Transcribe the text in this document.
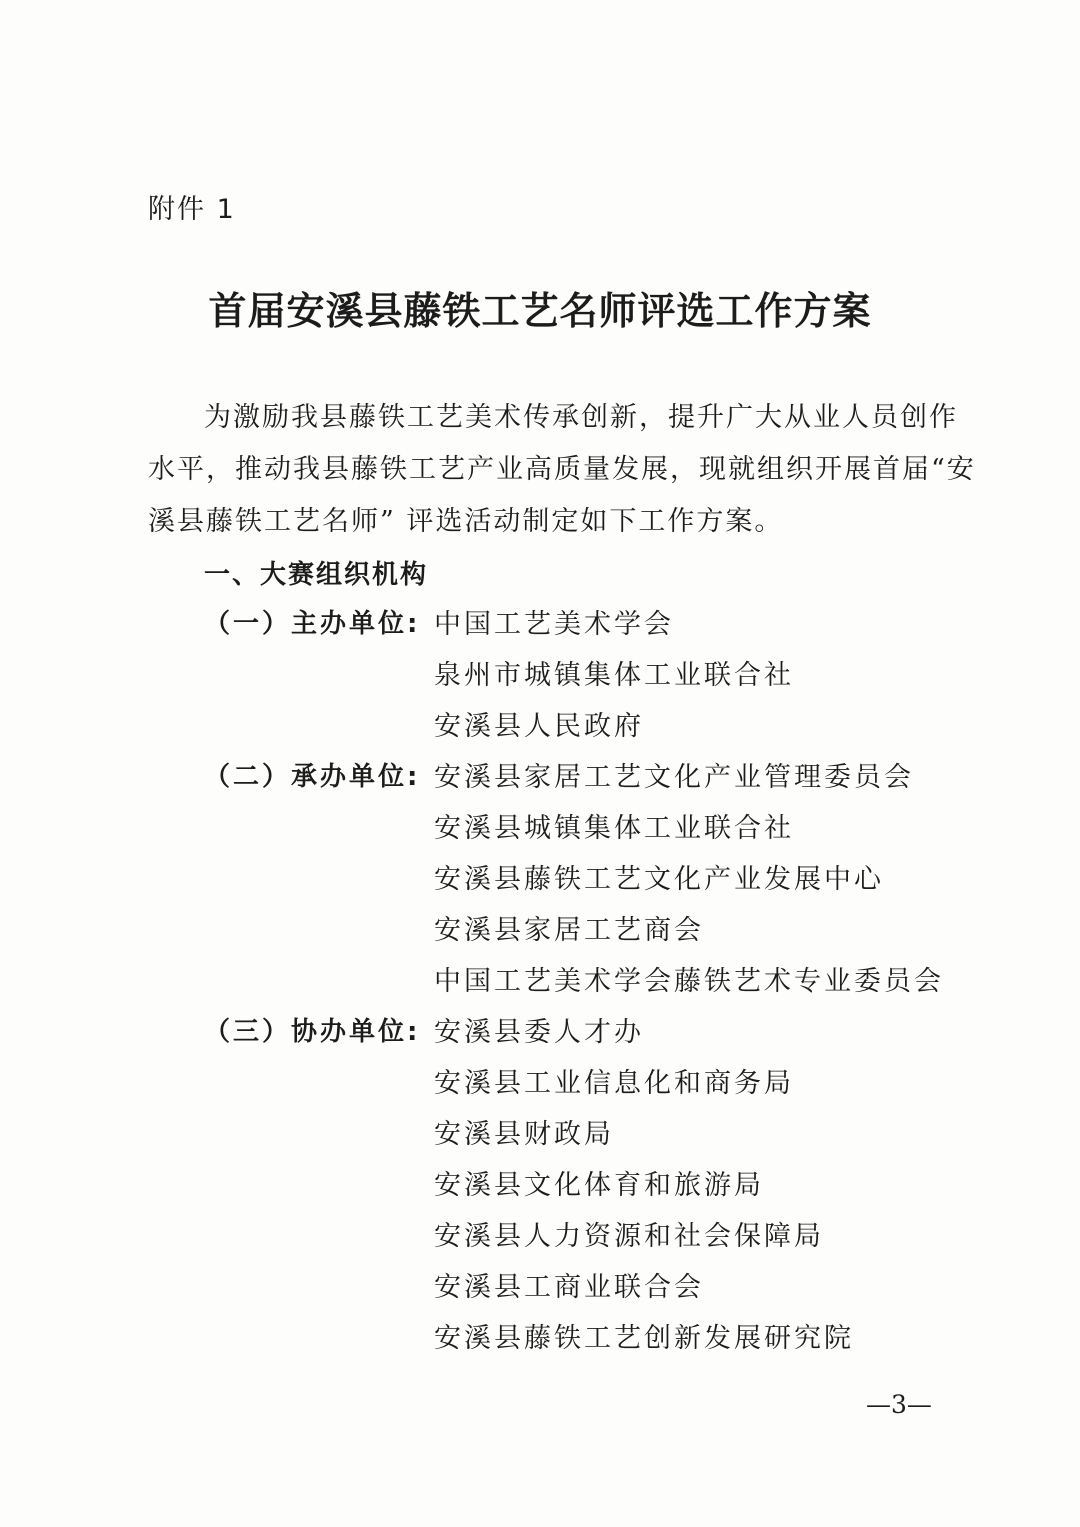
附件 1

首届安溪县藤铁工艺名师评选工作方案

为激励我县藤铁工艺美术传承创新，提升广大从业人员创作
水平，推动我县藤铁工艺产业高质量发展，现就组织开展首届“安
溪县藤铁工艺名师” 评选活动制定如下工作方案。

一、大赛组织机构
（一）主办单位: 中国工艺美术学会
泉州市城镇集体工业联合社
安溪县人民政府
（二）承办单位: 安溪县家居工艺文化产业管理委员会
安溪县城镇集体工业联合社
安溪县藤铁工艺文化产业发展中心
安溪县家居工艺商会
中国工艺美术学会藤铁艺术专业委员会
（三）协办单位: 安溪县委人才办
安溪县工业信息化和商务局
安溪县财政局
安溪县文化体育和旅游局
安溪县人力资源和社会保障局
安溪县工商业联合会
安溪县藤铁工艺创新发展研究院

—3—
